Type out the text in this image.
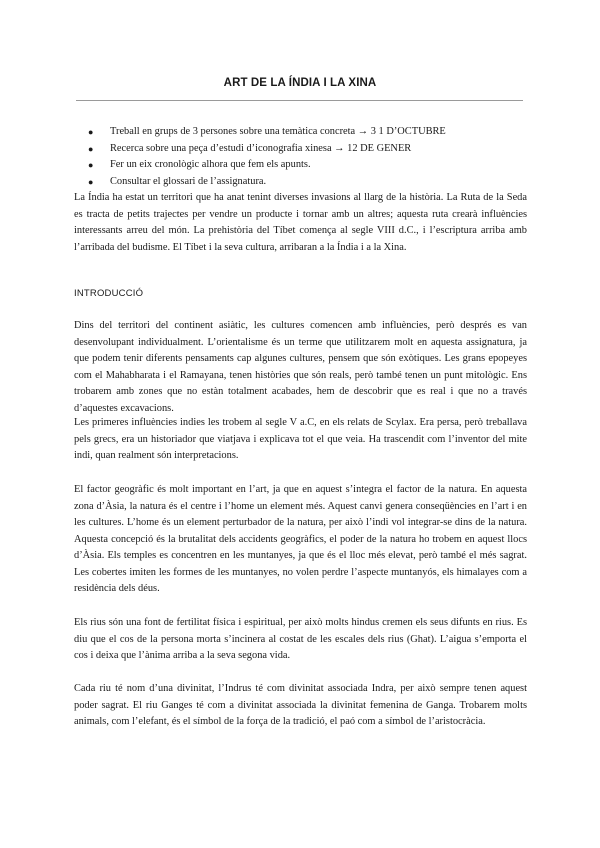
ART DE LA ÍNDIA I LA XINA
● Treball en grups de 3 persones sobre una temàtica concreta → 3 1 D’OCTUBRE
● Recerca sobre una peça d’estudi d’iconografia xinesa → 12 DE GENER
● Fer un eix cronològic alhora que fem els apunts.
● Consultar el glossari de l’assignatura.

La Índia ha estat un territori que ha anat tenint diverses invasions al llarg de la història. La Ruta de la Seda es tracta de petits trajectes per vendre un producte i tornar amb un altres; aquesta ruta crearà influències interessants arreu del món. La prehistòria del Tíbet comença al segle VIII d.C., i l’escriptura arriba amb l’arribada del budisme. El Tíbet i la seva cultura, arribaran a la Índia i a la Xina.

INTRODUCCIÓ

Dins del territori del continent asiàtic, les cultures comencen amb influències, però després es van desenvolupant individualment. L’orientalisme és un terme que utilitzarem molt en aquesta assignatura, ja que podem tenir diferents pensaments cap algunes cultures, pensem que són exòtiques. Les grans epopeyes com el Mahabharata i el Ramayana, tenen històries que són reals, però també tenen un punt mitològic. Ens trobarem amb zones que no estàn totalment acabades, hem de descobrir que es real i que no a través d’aquestes excavacions.

Les primeres influències indies les trobem al segle V a.C, en els relats de Scylax. Era persa, però treballava pels grecs, era un historiador que viatjava i explicava tot el que veia. Ha trascendit com l’inventor del mite indi, quan realment són interpretacions.

El factor geogràfic és molt important en l’art, ja que en aquest s’integra el factor de la natura. En aquesta zona d’Àsia, la natura és el centre i l’home un element més. Aquest canvi genera conseqüències en l’art i en les cultures. L’home és un element perturbador de la natura, per això l’indi vol integrar-se dins de la natura. Aquesta concepció és la brutalitat dels accidents geogràfics, el poder de la natura ho trobem en aquest llocs d’Àsia. Els temples es concentren en les muntanyes, ja que és el lloc més elevat, però també el més sagrat. Les cobertes imiten les formes de les muntanyes, no volen perdre l’aspecte muntanyós, els himalayes com a residència dels déus.

Els rius són una font de fertilitat física i espiritual, per això molts hindus cremen els seus difunts en rius. Es diu que el cos de la persona morta s’incinera al costat de les escales dels rius (Ghat). L’aigua s’emporta el cos i deixa que l’ànima arriba a la seva segona vida.

Cada riu té nom d’una divinitat, l’Indrus té com divinitat associada Indra, per això sempre tenen aquest poder sagrat. El riu Ganges té com a divinitat associada la divinitat femenina de Ganga. Trobarem molts animals, com l’elefant, és el símbol de la força de la tradició, el paó com a símbol de l’aristocràcia.
